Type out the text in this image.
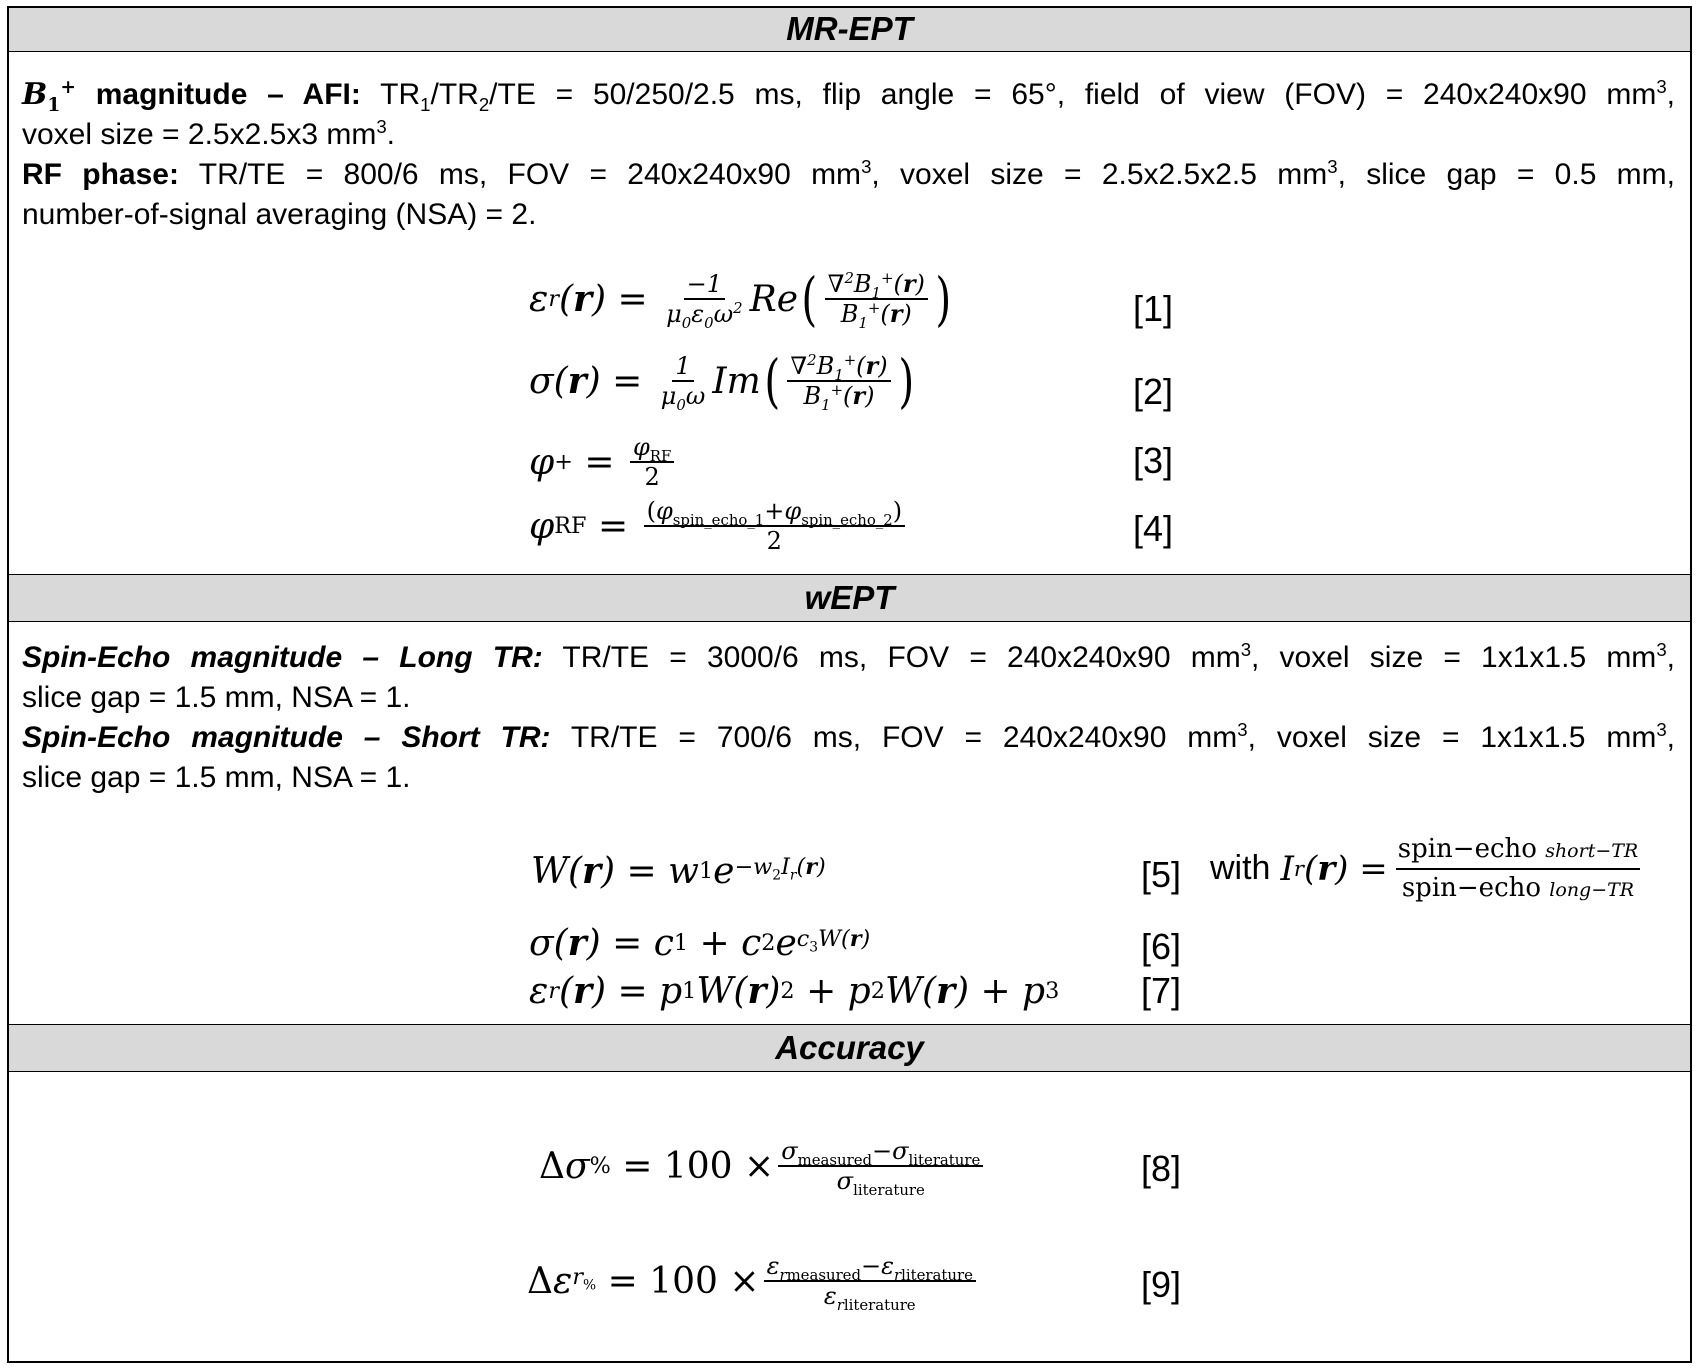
MR-EPT
$B_1^+$ magnitude – AFI: $TR_1/TR_2/TE = 50/250/2.5$ ms, flip angle = 65°, field of view (FOV) = 240x240x90 $mm^3$,
voxel size = 2.5x2.5x3 $mm^3$.
RF phase: TR/TE = 800/6 ms, FOV = 240x240x90 $mm^3$, voxel size = 2.5x2.5x2.5 $mm^3$, slice gap = 0.5 mm,
number-of-signal averaging (NSA) = 2.
ε r ( r ) = $\frac{-1}{\mu_0\varepsilon_0\omega^2}$ Re ( $\frac{\nabla^2B_1^+(r)}{B_1^+(r)}$ )	[1]
σ( r ) = $\frac{1}{\mu_0\omega}$ Im ( $\frac{\nabla^2B_1^+(r)}{B_1^+(r)}$ )	[2]
φ + = $\frac{\varphi_{RF}}{2}$	[3]
φ RF = $\frac{(\varphi_{spin\_echo\_1}+\varphi_{spin\_echo\_2})}{2}$	[4]
wEPT
Spin-Echo magnitude – Long TR: TR/TE = 3000/6 ms, FOV = 240x240x90 $mm^3$, voxel size = 1x1x1.5 $mm^3$,
slice gap = 1.5 mm, NSA = 1.
Spin-Echo magnitude – Short TR: TR/TE = 700/6 ms, FOV = 240x240x90 $mm^3$, voxel size = 1x1x1.5 $mm^3$,
slice gap = 1.5 mm, NSA = 1.
W( r ) = w 1 $e -w_2I_r(r)$	[5] with I r ( r ) = $\frac{\text{spin−echo short−TR}}{\text{spin−echo long−TR}}$
σ( r ) = c 1 + c 2 e $c_3W(r)$	[6]
ε r ( r ) = p 1 W( r ) 2 + p 2 W( r ) + p 3 [7]
Accuracy
Δ σ %
=
100
× $\frac{\sigma_{measured}-\sigma_{literature}}{\sigma_{literature}}$	[8]
Δ ε $r_{\%}$
=
100
× $\frac{\varepsilon_{rmeasured}-\varepsilon_{rliterature}}{\varepsilon_{rliterature}}$	[9]
